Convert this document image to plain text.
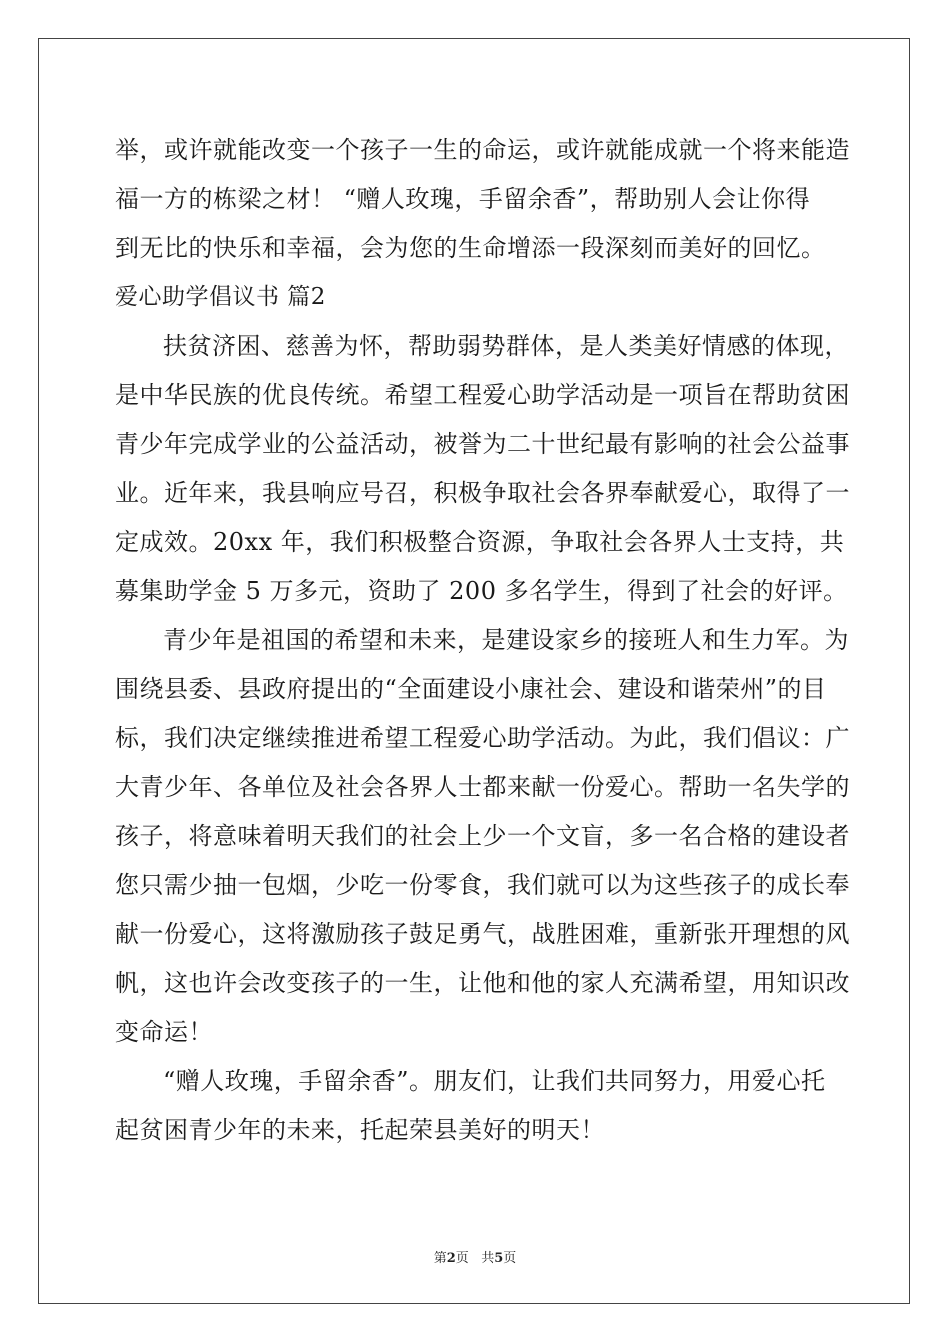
举，或许就能改变一个孩子一生的命运，或许就能成就一个将来能造
福一方的栋梁之材！ “赠人玫瑰，手留余香”，帮助别人会让你得
到无比的快乐和幸福，会为您的生命增添一段深刻而美好的回忆。
爱心助学倡议书 篇2
扶贫济困、慈善为怀，帮助弱势群体，是人类美好情感的体现，
是中华民族的优良传统。希望工程爱心助学活动是一项旨在帮助贫困
青少年完成学业的公益活动，被誉为二十世纪最有影响的社会公益事
业。近年来，我县响应号召，积极争取社会各界奉献爱心，取得了一
定成效。20xx 年，我们积极整合资源，争取社会各界人士支持，共
募集助学金 5 万多元，资助了 200 多名学生，得到了社会的好评。
青少年是祖国的希望和未来，是建设家乡的接班人和生力军。为
围绕县委、县政府提出的“全面建设小康社会、建设和谐荣州”的目
标，我们决定继续推进希望工程爱心助学活动。为此，我们倡议：广
大青少年、各单位及社会各界人士都来献一份爱心。帮助一名失学的
孩子，将意味着明天我们的社会上少一个文盲，多一名合格的建设者
您只需少抽一包烟，少吃一份零食，我们就可以为这些孩子的成长奉
献一份爱心，这将激励孩子鼓足勇气，战胜困难，重新张开理想的风
帆，这也许会改变孩子的一生，让他和他的家人充满希望，用知识改
变命运！
“赠人玫瑰，手留余香”。朋友们，让我们共同努力，用爱心托
起贫困青少年的未来，托起荣县美好的明天！
第2页 共5页
